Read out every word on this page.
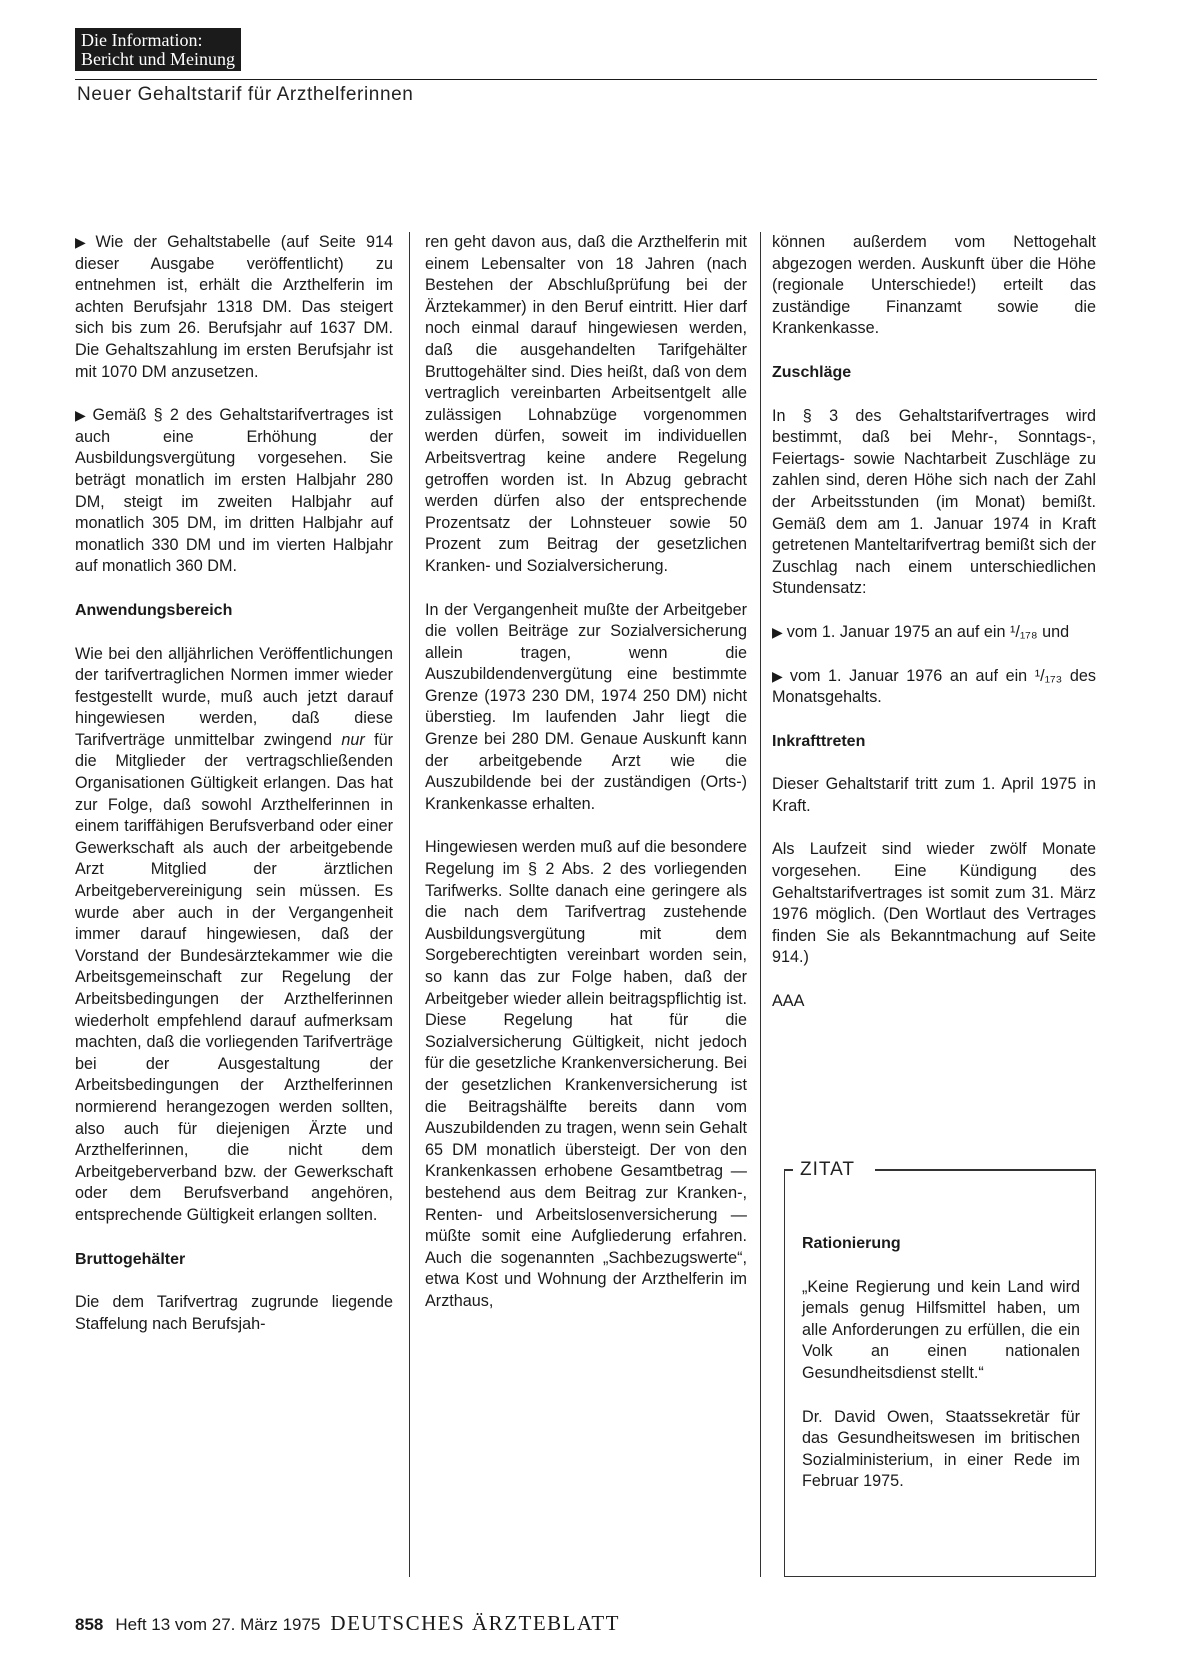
Die Information:
Bericht und Meinung
Neuer Gehaltstarif für Arzthelferinnen

▶ Wie der Gehaltstabelle (auf Seite 914 dieser Ausgabe veröffentlicht) zu entnehmen ist, erhält die Arzthelferin im achten Berufsjahr 1318 DM. Das steigert sich bis zum 26. Berufsjahr auf 1637 DM. Die Gehaltszahlung im ersten Berufsjahr ist mit 1070 DM anzusetzen.

▶ Gemäß § 2 des Gehaltstarifvertrages ist auch eine Erhöhung der Ausbildungsvergütung vorgesehen. Sie beträgt monatlich im ersten Halbjahr 280 DM, steigt im zweiten Halbjahr auf monatlich 305 DM, im dritten Halbjahr auf monatlich 330 DM und im vierten Halbjahr auf monatlich 360 DM.

Anwendungsbereich

Wie bei den alljährlichen Veröffentlichungen der tarifvertraglichen Normen immer wieder festgestellt wurde, muß auch jetzt darauf hingewiesen werden, daß diese Tarifverträge unmittelbar zwingend nur für die Mitglieder der vertragschließenden Organisationen Gültigkeit erlangen. Das hat zur Folge, daß sowohl Arzthelferinnen in einem tariffähigen Berufsverband oder einer Gewerkschaft als auch der arbeitgebende Arzt Mitglied der ärztlichen Arbeitgebervereinigung sein müssen. Es wurde aber auch in der Vergangenheit immer darauf hingewiesen, daß der Vorstand der Bundesärztekammer wie die Arbeitsgemeinschaft zur Regelung der Arbeitsbedingungen der Arzthelferinnen wiederholt empfehlend darauf aufmerksam machten, daß die vorliegenden Tarifverträge bei der Ausgestaltung der Arbeitsbedingungen der Arzthelferinnen normierend herangezogen werden sollten, also auch für diejenigen Ärzte und Arzthelferinnen, die nicht dem Arbeitgeberverband bzw. der Gewerkschaft oder dem Berufsverband angehören, entsprechende Gültigkeit erlangen sollten.

Bruttogehälter

Die dem Tarifvertrag zugrunde liegende Staffelung nach Berufsjah-

ren geht davon aus, daß die Arzthelferin mit einem Lebensalter von 18 Jahren (nach Bestehen der Abschlußprüfung bei der Ärztekammer) in den Beruf eintritt. Hier darf noch einmal darauf hingewiesen werden, daß die ausgehandelten Tarifgehälter Bruttogehälter sind. Dies heißt, daß von dem vertraglich vereinbarten Arbeitsentgelt alle zulässigen Lohnabzüge vorgenommen werden dürfen, soweit im individuellen Arbeitsvertrag keine andere Regelung getroffen worden ist. In Abzug gebracht werden dürfen also der entsprechende Prozentsatz der Lohnsteuer sowie 50 Prozent zum Beitrag der gesetzlichen Kranken- und Sozialversicherung.

In der Vergangenheit mußte der Arbeitgeber die vollen Beiträge zur Sozialversicherung allein tragen, wenn die Auszubildendenvergütung eine bestimmte Grenze (1973 230 DM, 1974 250 DM) nicht überstieg. Im laufenden Jahr liegt die Grenze bei 280 DM. Genaue Auskunft kann der arbeitgebende Arzt wie die Auszubildende bei der zuständigen (Orts-) Krankenkasse erhalten.

Hingewiesen werden muß auf die besondere Regelung im § 2 Abs. 2 des vorliegenden Tarifwerks. Sollte danach eine geringere als die nach dem Tarifvertrag zustehende Ausbildungsvergütung mit dem Sorgeberechtigten vereinbart worden sein, so kann das zur Folge haben, daß der Arbeitgeber wieder allein beitragspflichtig ist. Diese Regelung hat für die Sozialversicherung Gültigkeit, nicht jedoch für die gesetzliche Krankenversicherung. Bei der gesetzlichen Krankenversicherung ist die Beitragshälfte bereits dann vom Auszubildenden zu tragen, wenn sein Gehalt 65 DM monatlich übersteigt. Der von den Krankenkassen erhobene Gesamtbetrag — bestehend aus dem Beitrag zur Kranken-, Renten- und Arbeitslosenversicherung — müßte somit eine Aufgliederung erfahren. Auch die sogenannten „Sachbezugswerte“, etwa Kost und Wohnung der Arzthelferin im Arzthaus,

können außerdem vom Nettogehalt abgezogen werden. Auskunft über die Höhe (regionale Unterschiede!) erteilt das zuständige Finanzamt sowie die Krankenkasse.

Zuschläge

In § 3 des Gehaltstarifvertrages wird bestimmt, daß bei Mehr-, Sonntags-, Feiertags- sowie Nachtarbeit Zuschläge zu zahlen sind, deren Höhe sich nach der Zahl der Arbeitsstunden (im Monat) bemißt. Gemäß dem am 1. Januar 1974 in Kraft getretenen Manteltarifvertrag bemißt sich der Zuschlag nach einem unterschiedlichen Stundensatz:

▶ vom 1. Januar 1975 an auf ein ¹/₁₇₈ und

▶ vom 1. Januar 1976 an auf ein ¹/₁₇₃ des Monatsgehalts.

Inkrafttreten

Dieser Gehaltstarif tritt zum 1. April 1975 in Kraft.

Als Laufzeit sind wieder zwölf Monate vorgesehen. Eine Kündigung des Gehaltstarifvertrages ist somit zum 31. März 1976 möglich. (Den Wortlaut des Vertrages finden Sie als Bekanntmachung auf Seite 914.)

AAA

ZITAT
Rationierung

„Keine Regierung und kein Land wird jemals genug Hilfsmittel haben, um alle Anforderungen zu erfüllen, die ein Volk an einen nationalen Gesundheitsdienst stellt.“

Dr. David Owen, Staatssekretär für das Gesundheitswesen im britischen Sozialministerium, in einer Rede im Februar 1975.

858 Heft 13 vom 27. März 1975 DEUTSCHES ÄRZTEBLATT
